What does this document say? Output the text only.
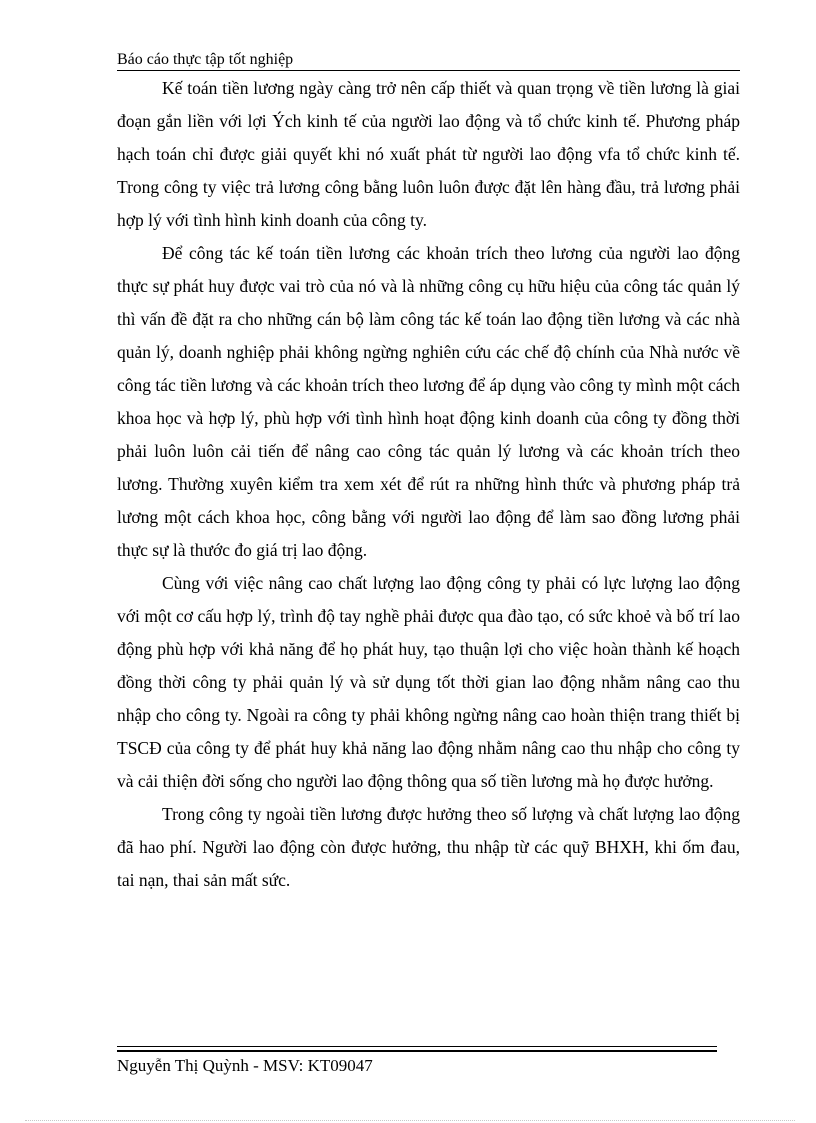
Báo cáo thực tập tốt nghiệp

Kế toán tiền lương ngày càng trở nên cấp thiết và quan trọng về tiền lương là giai đoạn gắn liền với lợi Ých kinh tế của người lao động và tổ chức kinh tế. Phương pháp hạch toán chỉ được giải quyết khi nó xuất phát từ người lao động vfa tổ chức kinh tế. Trong công ty việc trả lương công bằng luôn luôn được đặt lên hàng đầu, trả lương phải hợp lý với tình hình kinh doanh của công ty.

Để công tác kế toán tiền lương các khoản trích theo lương của người lao động thực sự phát huy được vai trò của nó và là những công cụ hữu hiệu của công tác quản lý thì vấn đề đặt ra cho những cán bộ làm công tác kế toán lao động tiền lương và các nhà quản lý, doanh nghiệp phải không ngừng nghiên cứu các chế độ chính của Nhà nước về công tác tiền lương và các khoản trích theo lương để áp dụng vào công ty mình một cách khoa học và hợp lý, phù hợp với tình hình hoạt động kinh doanh của công ty đồng thời phải luôn luôn cải tiến để nâng cao công tác quản lý lương và các khoản trích theo lương. Thường xuyên kiểm tra xem xét để rút ra những hình thức và phương pháp trả lương một cách khoa học, công bằng với người lao động để làm sao đồng lương phải thực sự là thước đo giá trị lao động.

Cùng với việc nâng cao chất lượng lao động công ty phải có lực lượng lao động với một cơ cấu hợp lý, trình độ tay nghề phải được qua đào tạo, có sức khoẻ và bố trí lao động phù hợp với khả năng để họ phát huy, tạo thuận lợi cho việc hoàn thành kế hoạch đồng thời công ty phải quản lý và sử dụng tốt thời gian lao động nhằm nâng cao thu nhập cho công ty. Ngoài ra công ty phải không ngừng nâng cao hoàn thiện trang thiết bị TSCĐ của công ty để phát huy khả năng lao động nhằm nâng cao thu nhập cho công ty và cải thiện đời sống cho người lao động thông qua số tiền lương mà họ được hưởng.

Trong công ty ngoài tiền lương được hưởng theo số lượng và chất lượng lao động đã hao phí. Người lao động còn được hưởng, thu nhập từ các quỹ BHXH, khi ốm đau, tai nạn, thai sản mất sức.

Nguyễn Thị Quỳnh - MSV: KT09047
